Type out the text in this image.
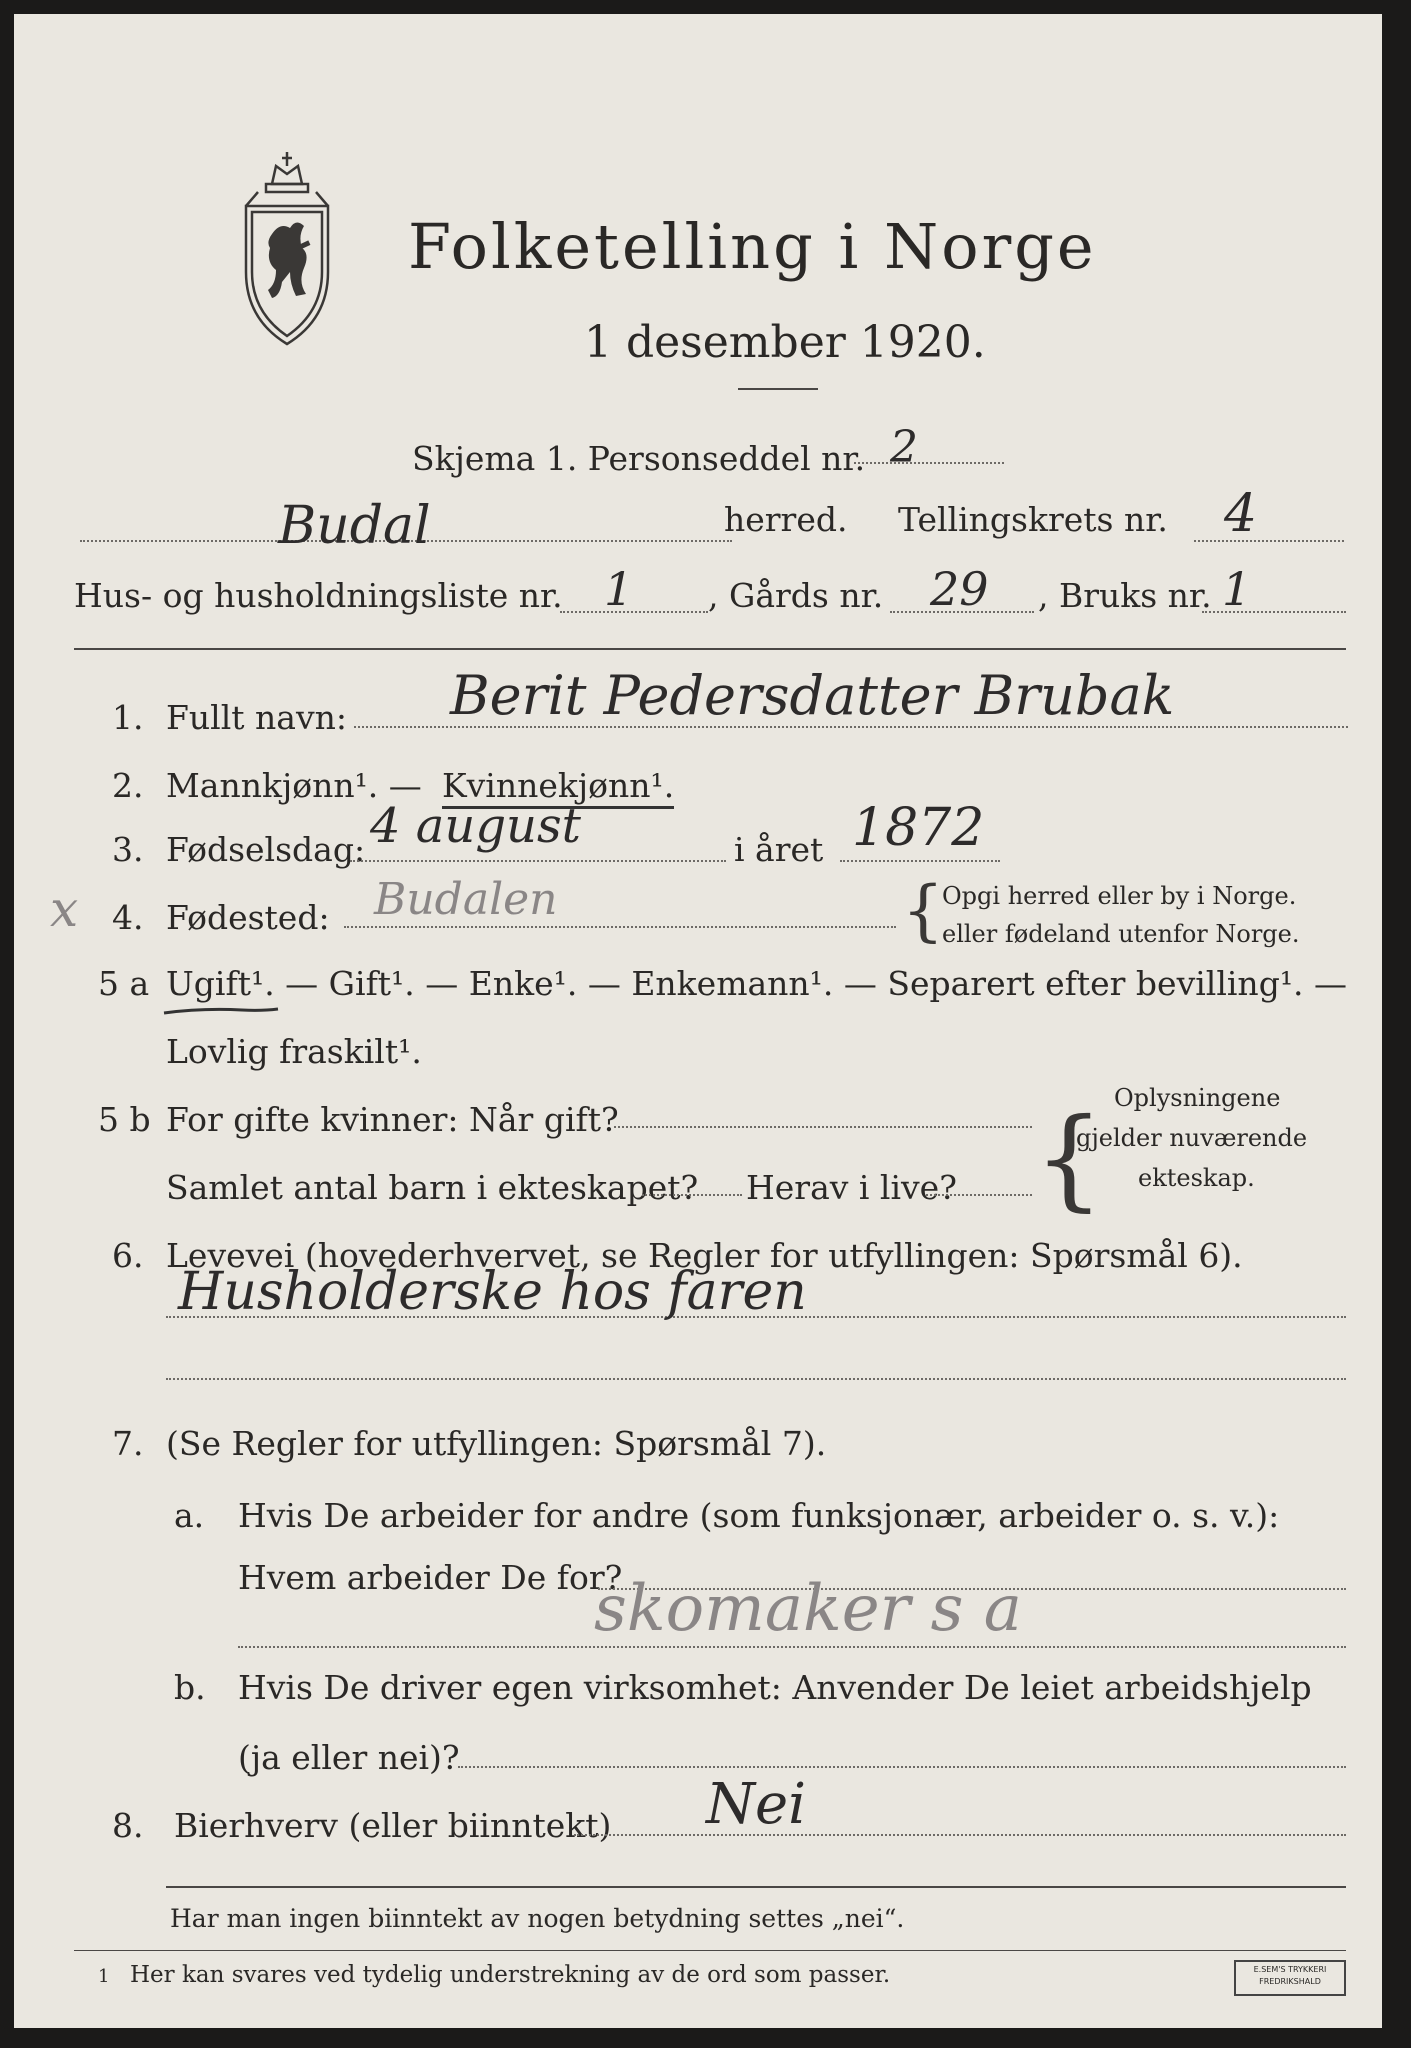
Folketelling i Norge
1 desember 1920.
Skjema 1. Personseddel nr. 2
Budal	herred. Tellingskrets nr. 4
Hus- og husholdningsliste nr. 1 , Gårds nr. 29 , Bruks nr. 1
1. Fullt navn: Berit Pedersdatter Brubak
2. Mannkjønn¹. — Kvinnekjønn¹.
3. Fødselsdag: 4 august	i året 1872
x 4. Fødested: Budalen	{
Opgi herred eller by i Norge.
eller fødeland utenfor Norge.
5 a Ugift¹. — Gift¹. — Enke¹. — Enkemann¹. — Separert efter bevilling¹. —
Lovlig fraskilt¹.
5 b For gifte kvinner: Når gift?
Samlet antal barn i ekteskapet? Herav i live? { Oplysningene
gjelder nuværende
ekteskap.
6. Levevei (hovederhvervet, se Regler for utfyllingen: Spørsmål 6).
Husholderske hos faren
7. (Se Regler for utfyllingen: Spørsmål 7).
a. Hvis De arbeider for andre (som funksjonær, arbeider o. s. v.):
Hvem arbeider De for?
skomaker s a
b. Hvis De driver egen virksomhet: Anvender De leiet arbeidshjelp
(ja eller nei)?
8. Bierhverv (eller biinntekt) Nei
Har man ingen biinntekt av nogen betydning settes „nei“.
1 Her kan svares ved tydelig understrekning av de ord som passer.	E.SEM'S TRYKKERI
FREDRIKSHALD
